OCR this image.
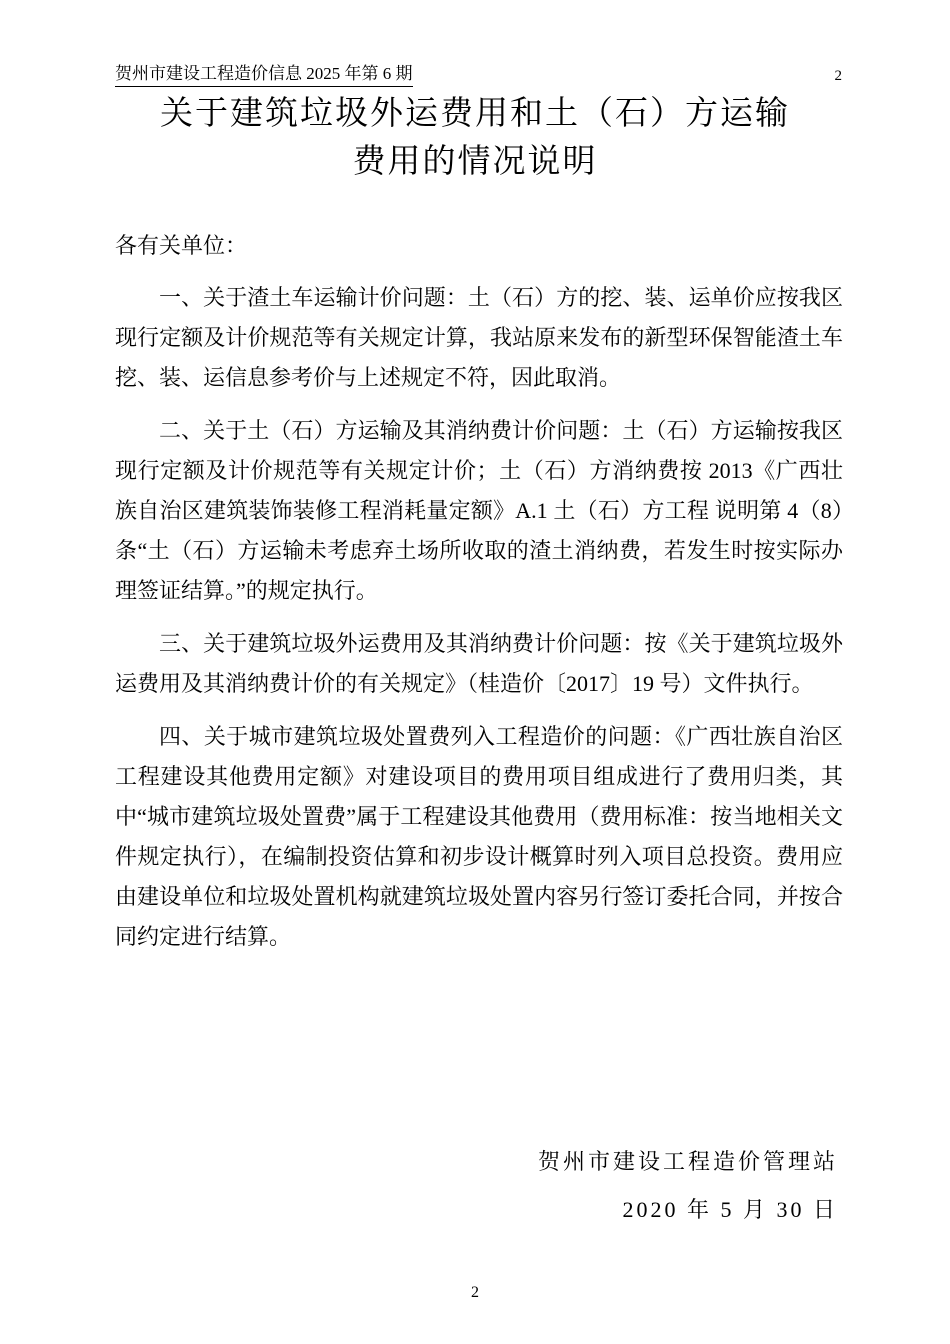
贺州市建设工程造价信息 2025 年第 6 期	2
关于建筑垃圾外运费用和土（石）方运输
费用的情况说明

各有关单位：

一、关于渣土车运输计价问题：土（石）方的挖、装、运单价应按我区现行定额及计价规范等有关规定计算，我站原来发布的新型环保智能渣土车挖、装、运信息参考价与上述规定不符，因此取消。

二、关于土（石）方运输及其消纳费计价问题：土（石）方运输按我区现行定额及计价规范等有关规定计价；土（石）方消纳费按 2013《广西壮族自治区建筑装饰装修工程消耗量定额》A.1 土（石）方工程 说明第 4（8）条“土（石）方运输未考虑弃土场所收取的渣土消纳费，若发生时按实际办理签证结算。”的规定执行。

三、关于建筑垃圾外运费用及其消纳费计价问题：按《关于建筑垃圾外运费用及其消纳费计价的有关规定》（桂造价〔2017〕19 号）文件执行。

四、关于城市建筑垃圾处置费列入工程造价的问题：《广西壮族自治区工程建设其他费用定额》对建设项目的费用项目组成进行了费用归类，其中“城市建筑垃圾处置费”属于工程建设其他费用（费用标准：按当地相关文件规定执行），在编制投资估算和初步设计概算时列入项目总投资。费用应由建设单位和垃圾处置机构就建筑垃圾处置内容另行签订委托合同，并按合同约定进行结算。

贺州市建设工程造价管理站
2020 年 5 月 30 日
2
